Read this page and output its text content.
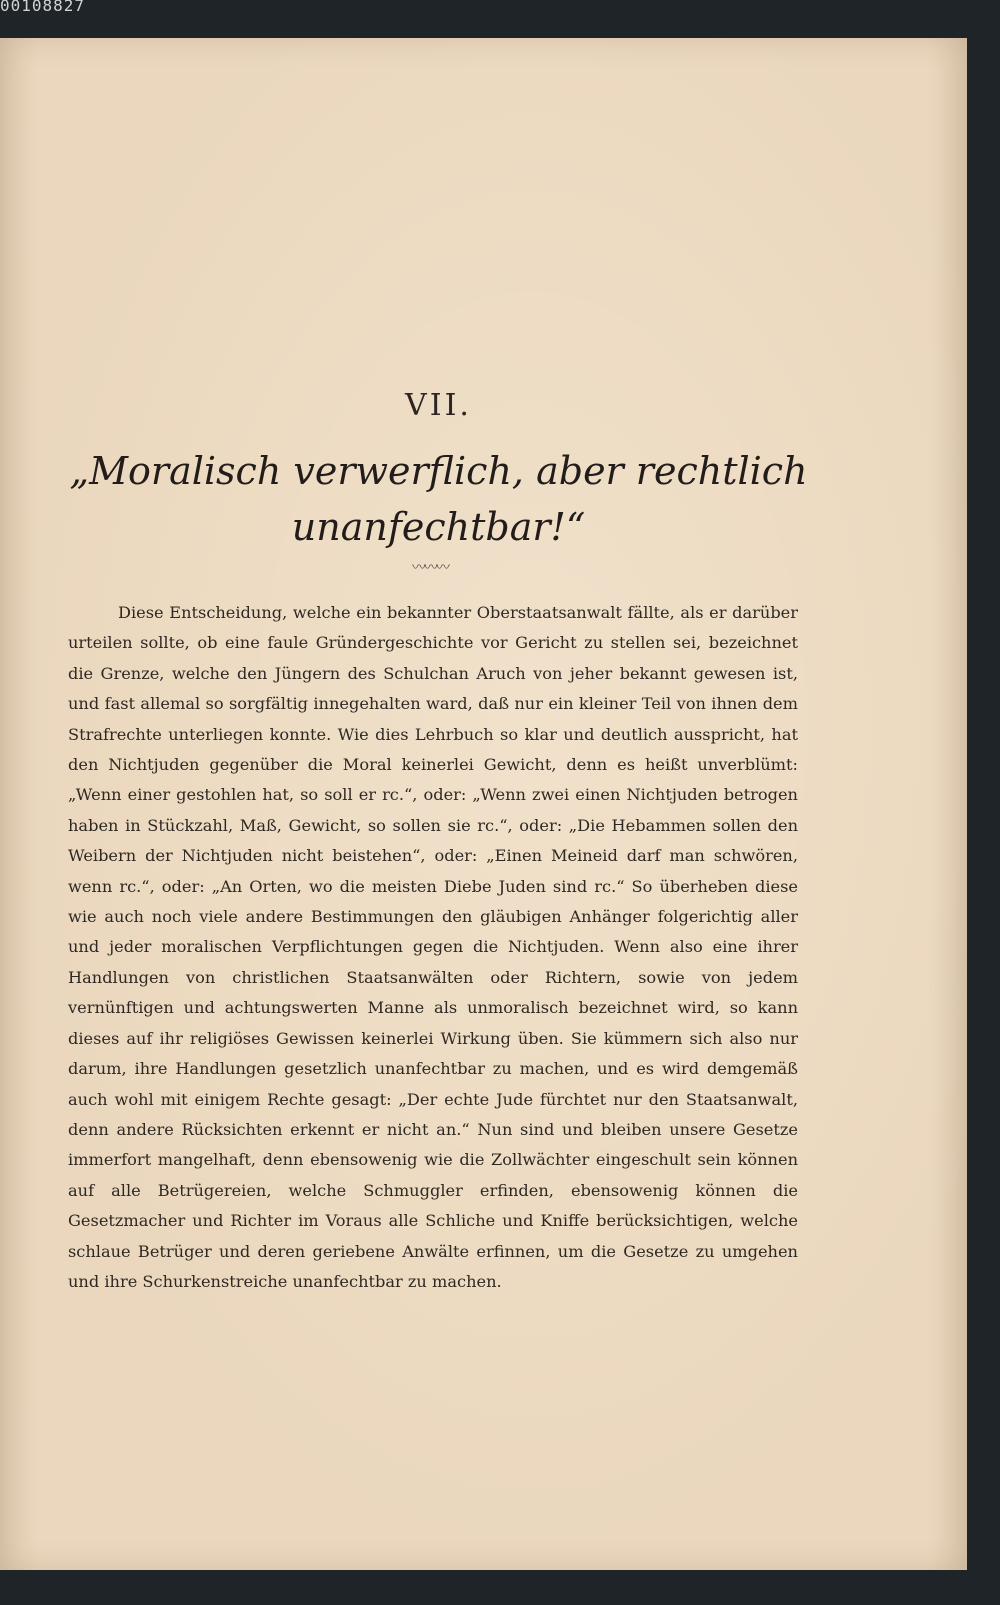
00108827
VII.
„Moralisch verwerflich, aber rechtlich unanfechtbar!“
〰〰〰

Diese Entscheidung, welche ein bekannter Oberstaatsanwalt fällte, als er darüber urteilen sollte, ob eine faule Gründergeschichte vor Gericht zu stellen sei, bezeichnet die Grenze, welche den Jüngern des Schulchan Aruch von jeher bekannt gewesen ist, und fast allemal so sorgfältig innegehalten ward, daß nur ein kleiner Teil von ihnen dem Strafrechte unterliegen konnte. Wie dies Lehrbuch so klar und deutlich ausspricht, hat den Nichtjuden gegenüber die Moral keinerlei Gewicht, denn es heißt unverblümt: „Wenn einer gestohlen hat, so soll er rc.“, oder: „Wenn zwei einen Nichtjuden betrogen haben in Stückzahl, Maß, Gewicht, so sollen sie rc.“, oder: „Die Hebammen sollen den Weibern der Nichtjuden nicht beistehen“, oder: „Einen Meineid darf man schwören, wenn rc.“, oder: „An Orten, wo die meisten Diebe Juden sind rc.“ So überheben diese wie auch noch viele andere Bestimmungen den gläubigen Anhänger folgerichtig aller und jeder moralischen Verpflichtungen gegen die Nichtjuden. Wenn also eine ihrer Handlungen von christlichen Staatsanwälten oder Richtern, sowie von jedem vernünftigen und achtungswerten Manne als unmoralisch bezeichnet wird, so kann dieses auf ihr religiöses Gewissen keinerlei Wirkung üben. Sie kümmern sich also nur darum, ihre Handlungen gesetzlich unanfechtbar zu machen, und es wird demgemäß auch wohl mit einigem Rechte gesagt: „Der echte Jude fürchtet nur den Staatsanwalt, denn andere Rücksichten erkennt er nicht an.“ Nun sind und bleiben unsere Gesetze immerfort mangelhaft, denn ebensowenig wie die Zollwächter eingeschult sein können auf alle Betrügereien, welche Schmuggler erfinden, ebensowenig können die Gesetzmacher und Richter im Voraus alle Schliche und Kniffe berücksichtigen, welche schlaue Betrüger und deren geriebene Anwälte erfinnen, um die Gesetze zu umgehen und ihre Schurkenstreiche unanfechtbar zu machen.
